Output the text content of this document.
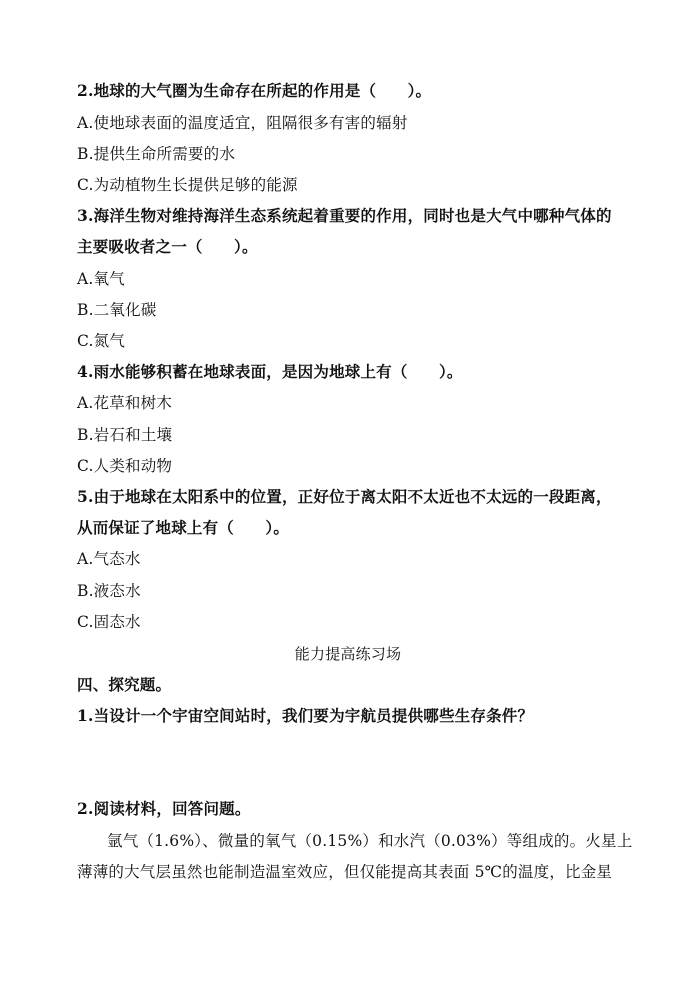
2.地球的大气圈为生命存在所起的作用是（　　）。
A.使地球表面的温度适宜，阻隔很多有害的辐射
B.提供生命所需要的水
C.为动植物生长提供足够的能源
3.海洋生物对维持海洋生态系统起着重要的作用，同时也是大气中哪种气体的
主要吸收者之一（　　）。
A.氧气
B.二氧化碳
C.氮气
4.雨水能够积蓄在地球表面，是因为地球上有（　　）。
A.花草和树木
B.岩石和土壤
C.人类和动物
5.由于地球在太阳系中的位置，正好位于离太阳不太近也不太远的一段距离，
从而保证了地球上有（　　）。
A.气态水
B.液态水
C.固态水
能力提高练习场
四、探究题。
1.当设计一个宇宙空间站时，我们要为宇航员提供哪些生存条件？
2.阅读材料，回答问题。
氩气（1.6%）、微量的氧气（0.15%）和水汽（0.03%）等组成的。火星上
薄薄的大气层虽然也能制造温室效应，但仅能提高其表面 5℃的温度，比金星
